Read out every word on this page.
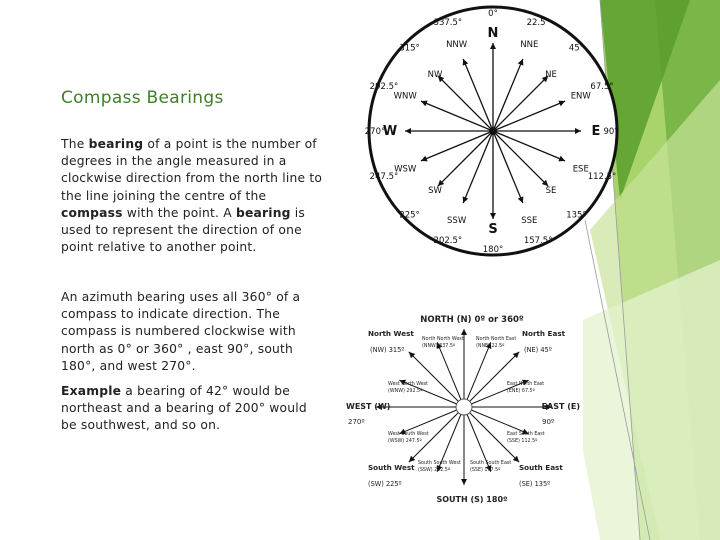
Compass Bearings
The bearing of a point is the number of degrees in the angle measured in a clockwise direction from the north line to the line joining the centre of the compass with the point. A bearing is used to represent the direction of one point relative to another point.
An azimuth bearing uses all 360° of a compass to indicate direction. The compass is numbered clockwise with north as 0° or 360° , east 90°, south 180°, and west 270°.
Example a bearing of 42° would be northeast and a bearing of 200° would be southwest, and so on.
N
0°
NNE
22.5°
NE
45°
ENW
67.5°
E 90°
ESE
112.5°
SE
135°
SSE
157.5°
S
180°
SSW
202.5°
SW
225°
WSW
247.5°
W
270°
WNW
292.5°
NW
315°	NNW
337.5°
NORTH (N) 0º or 360º
SOUTH (S) 180º
WEST (W)
270º
EAST (E)
90º
North West
(NW) 315º
North East
(NE) 45º
South West
(SW) 225º
South East
(SE) 135º
North North West
(NNW) 337.5º
North North East
(NNE) 22.5º
West North West
(WNW) 292.5º
East North East
(ENE) 67.5º
West South West
(WSW) 247.5º
East South East
(SSE) 112.5º
South South West
(SSW) 202.5º
South South East
(SSE) 157.5º
